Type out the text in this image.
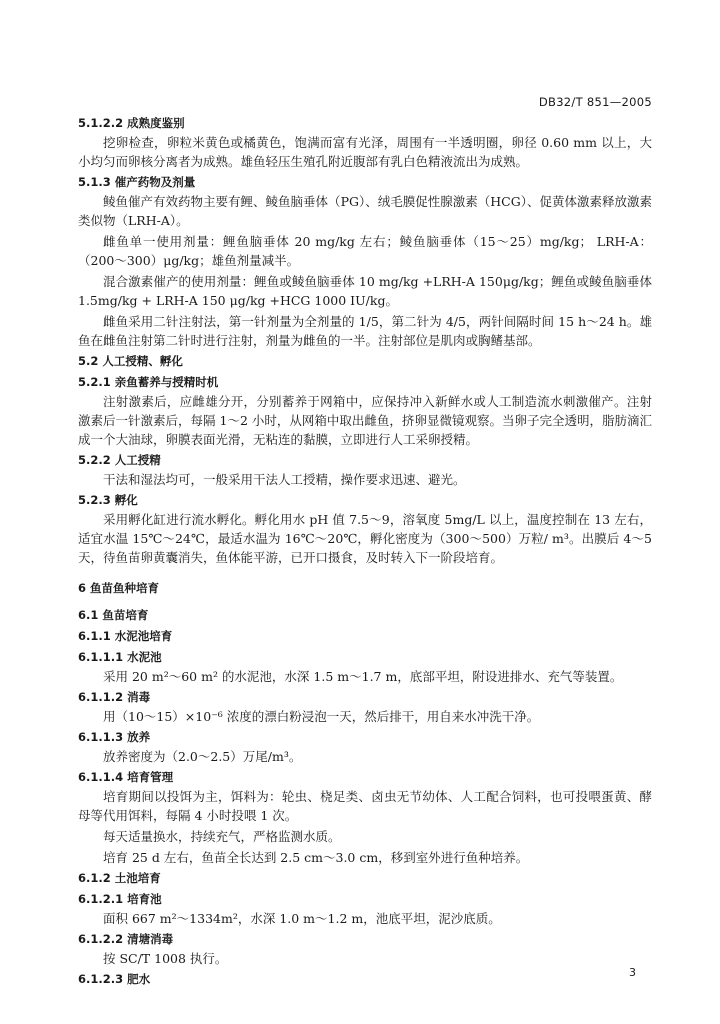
DB32/T 851—2005
5.1.2.2 成熟度鉴别
挖卵检查，卵粒米黄色或橘黄色，饱满而富有光泽，周围有一半透明圈，卵径 0.60 mm 以上，大小均匀而卵核分离者为成熟。雄鱼轻压生殖孔附近腹部有乳白色精液流出为成熟。
5.1.3 催产药物及剂量
鲮鱼催产有效药物主要有鲤、鲮鱼脑垂体（PG）、绒毛膜促性腺激素（HCG）、促黄体激素释放激素类似物（LRH-A）。
雌鱼单一使用剂量：鲤鱼脑垂体 20 mg/kg 左右；鲮鱼脑垂体（15～25）mg/kg； LRH-A：（200～300）μg/kg；雄鱼剂量减半。
混合激素催产的使用剂量：鲤鱼或鲮鱼脑垂体 10 mg/kg +LRH-A 150μg/kg；鲤鱼或鲮鱼脑垂体 1.5mg/kg + LRH-A 150 μg/kg +HCG 1000 IU/kg。
雌鱼采用二针注射法，第一针剂量为全剂量的 1/5，第二针为 4/5，两针间隔时间 15 h～24 h。雄鱼在雌鱼注射第二针时进行注射，剂量为雌鱼的一半。注射部位是肌肉或胸鳍基部。
5.2 人工授精、孵化
5.2.1 亲鱼蓄养与授精时机
注射激素后，应雌雄分开，分别蓄养于网箱中，应保持冲入新鲜水或人工制造流水刺激催产。注射激素后一针激素后，每隔 1～2 小时，从网箱中取出雌鱼，挤卵显微镜观察。当卵子完全透明，脂肪滴汇成一个大油球，卵膜表面光滑，无粘连的黏膜，立即进行人工采卵授精。
5.2.2 人工授精
干法和湿法均可，一般采用干法人工授精，操作要求迅速、避光。
5.2.3 孵化
采用孵化缸进行流水孵化。孵化用水 pH 值 7.5～9，溶氧度 5mg/L 以上，温度控制在 13 左右，适宜水温 15℃～24℃，最适水温为 16℃～20℃，孵化密度为（300～500）万粒/ m³。出膜后 4～5 天，待鱼苗卵黄囊消失，鱼体能平游，已开口摄食，及时转入下一阶段培育。
6 鱼苗鱼种培育
6.1 鱼苗培育
6.1.1 水泥池培育
6.1.1.1 水泥池
采用 20 m²～60 m² 的水泥池，水深 1.5 m～1.7 m，底部平坦，附设进排水、充气等装置。
6.1.1.2 消毒
用（10～15）×10⁻⁶ 浓度的漂白粉浸泡一天，然后排干，用自来水冲洗干净。
6.1.1.3 放养
放养密度为（2.0～2.5）万尾/m³。
6.1.1.4 培育管理
培育期间以投饵为主，饵料为：轮虫、桡足类、卤虫无节幼体、人工配合饲料，也可投喂蛋黄、酵母等代用饵料，每隔 4 小时投喂 1 次。
每天适量换水，持续充气，严格监测水质。
培育 25 d 左右，鱼苗全长达到 2.5 cm～3.0 cm，移到室外进行鱼种培养。
6.1.2 土池培育
6.1.2.1 培育池
面积 667 m²～1334m²，水深 1.0 m～1.2 m，池底平坦，泥沙底质。
6.1.2.2 清塘消毒
按 SC/T 1008 执行。
6.1.2.3 肥水	3
